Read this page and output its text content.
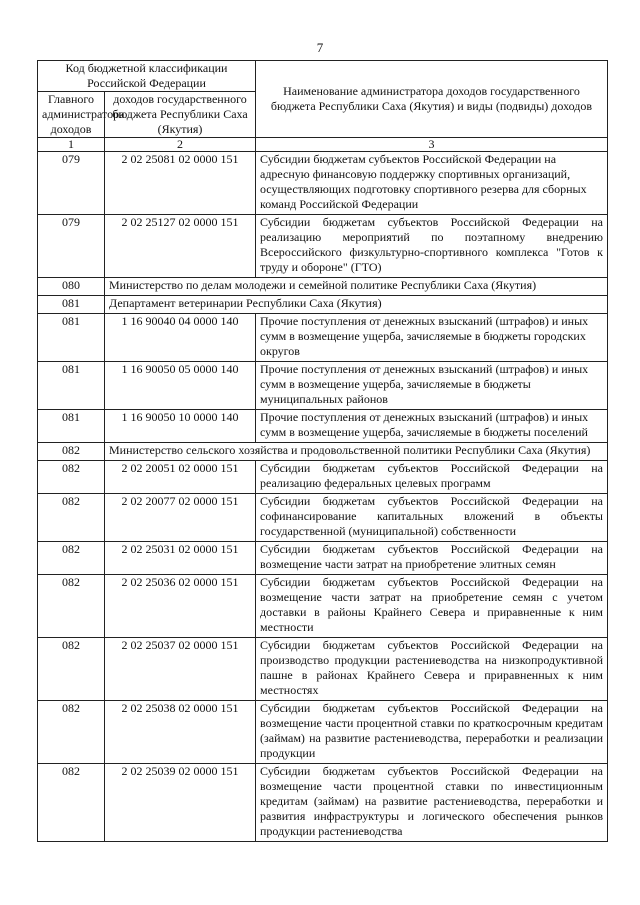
7
Код бюджетной классификации Российской Федерации		Наименование администратора доходов государственного бюджета Республики Саха (Якутия) и виды (подвиды) доходов
Главного администратора доходов	доходов государственного бюджета Республики Саха (Якутия)	
1	2	3
079	2 02 25081 02 0000 151	Субсидии бюджетам субъектов Российской Федерации на адресную финансовую поддержку спортивных организаций, осуществляющих подготовку спортивного резерва для сборных команд Российской Федерации
079	2 02 25127 02 0000 151	Субсидии бюджетам субъектов Российской Федерации на реализацию мероприятий по поэтапному внедрению Всероссийского физкультурно-спортивного комплекса "Готов к труду и обороне" (ГТО)
080	Министерство по делам молодежи и семейной политике Республики Саха (Якутия)	
081	Департамент ветеринарии Республики Саха (Якутия)	
081	1 16 90040 04 0000 140	Прочие поступления от денежных взысканий (штрафов) и иных сумм в возмещение ущерба, зачисляемые в бюджеты городских округов
081	1 16 90050 05 0000 140	Прочие поступления от денежных взысканий (штрафов) и иных сумм в возмещение ущерба, зачисляемые в бюджеты муниципальных районов
081	1 16 90050 10 0000 140	Прочие поступления от денежных взысканий (штрафов) и иных сумм в возмещение ущерба, зачисляемые в бюджеты поселений
082	Министерство сельского хозяйства и продовольственной политики Республики Саха (Якутия)	
082	2 02 20051 02 0000 151	Субсидии бюджетам субъектов Российской Федерации на реализацию федеральных целевых программ
082	2 02 20077 02 0000 151	Субсидии бюджетам субъектов Российской Федерации на софинансирование капитальных вложений в объекты государственной (муниципальной) собственности
082	2 02 25031 02 0000 151	Субсидии бюджетам субъектов Российской Федерации на возмещение части затрат на приобретение элитных семян
082	2 02 25036 02 0000 151	Субсидии бюджетам субъектов Российской Федерации на возмещение части затрат на приобретение семян с учетом доставки в районы Крайнего Севера и приравненные к ним местности
082	2 02 25037 02 0000 151	Субсидии бюджетам субъектов Российской Федерации на производство продукции растениеводства на низкопродуктивной пашне в районах Крайнего Севера и приравненных к ним местностях
082	2 02 25038 02 0000 151	Субсидии бюджетам субъектов Российской Федерации на возмещение части процентной ставки по краткосрочным кредитам (займам) на развитие растениеводства, переработки и реализации продукции
082	2 02 25039 02 0000 151	Субсидии бюджетам субъектов Российской Федерации на возмещение части процентной ставки по инвестиционным кредитам (займам) на развитие растениеводства, переработки и развития инфраструктуры и логического обеспечения рынков продукции растениеводства
